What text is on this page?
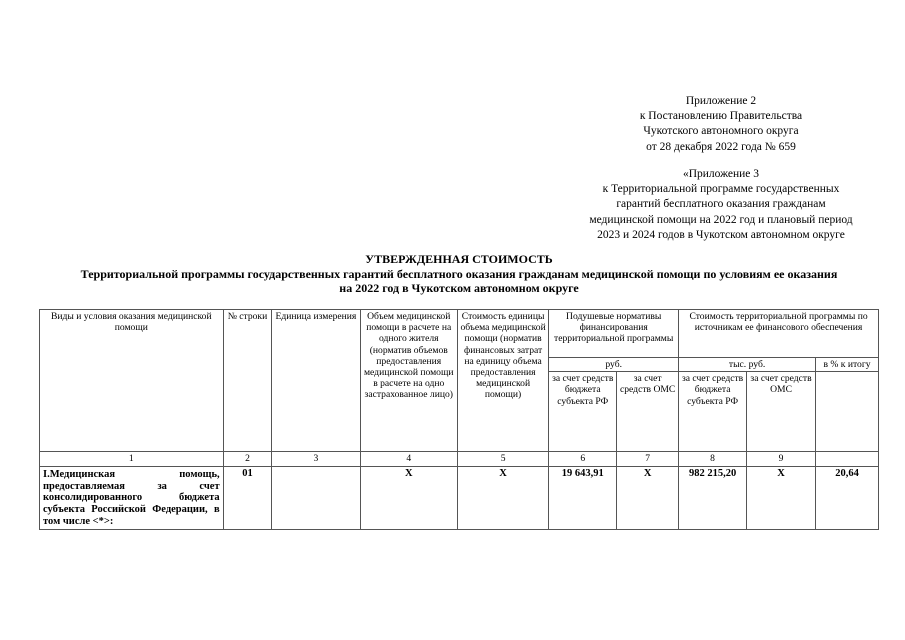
Приложение 2
к Постановлению Правительства
Чукотского автономного округа
от 28 декабря 2022 года № 659
«Приложение 3
к Территориальной программе государственных
гарантий бесплатного оказания гражданам
медицинской помощи на 2022 год и плановый период
2023 и 2024 годов в Чукотском автономном округе
УТВЕРЖДЕННАЯ СТОИМОСТЬ
Территориальной программы государственных гарантий бесплатного оказания гражданам медицинской помощи по условиям ее оказания
на 2022 год в Чукотском автономном округе
Виды и условия оказания медицинской помощи	№ строки	Единица измерения	Объем медицинской помощи в расчете на одного жителя (норматив объемов предоставления медицинской помощи в расчете на одно застрахованное лицо)	Стоимость единицы объема медицинской помощи (норматив финансовых затрат на единицу объема предоставления медицинской помощи)	Подушевые нормативы финансирования территориальной программы		Стоимость территориальной программы по источникам ее финансового обеспечения		
					руб.		тыс. руб.		в % к итогу
					за счет средств бюджета субъекта РФ	за счет средств ОМС	за счет средств бюджета субъекта РФ	за счет средств ОМС	
1	2	3	4	5	6	7	8	9	
I.Медицинская помощь, предоставляемая за счет консолидированного бюджета субъекта Российской Федерации, в том числе <*>:	01		X	X	19 643,91	X	982 215,20	X	20,64
